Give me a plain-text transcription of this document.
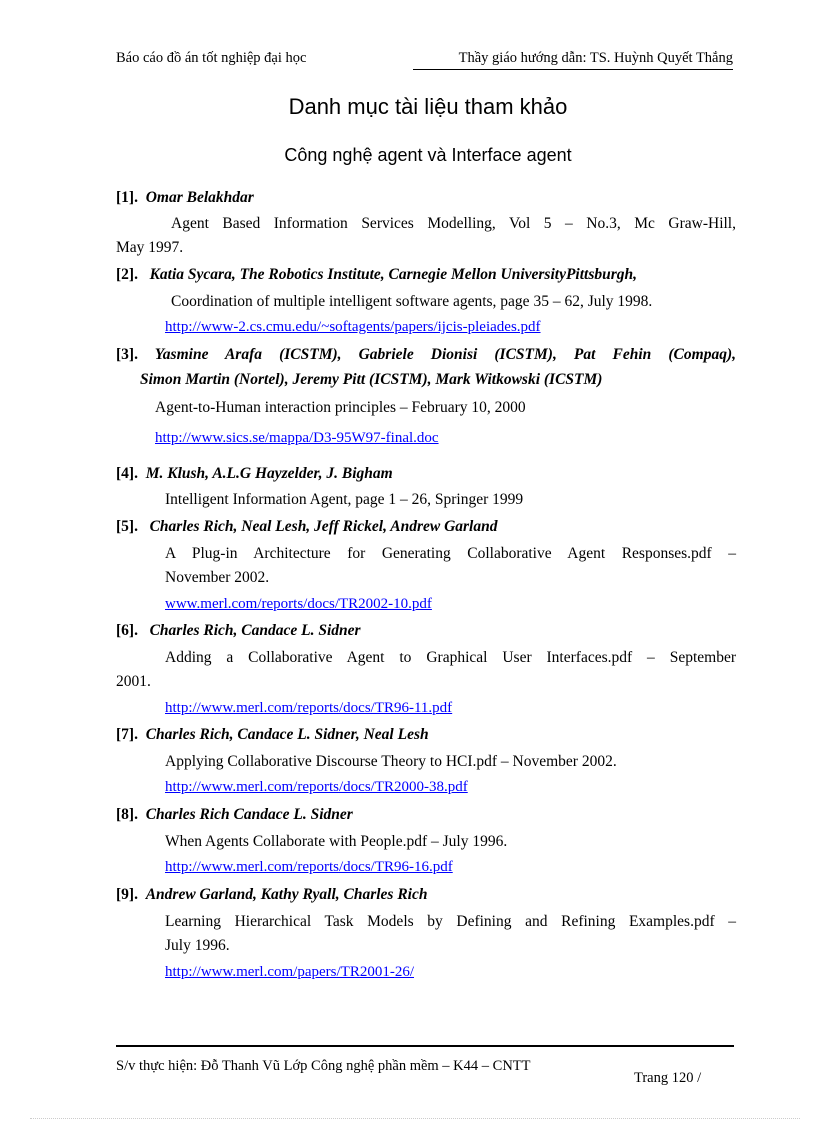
Báo cáo đồ án tốt nghiệp đại học	Thầy giáo hướng dẫn: TS. Huỳnh Quyết Thắng
Danh mục tài liệu tham khảo
Công nghệ agent và Interface agent
[1]. Omar Belakhdar
Agent Based Information Services Modelling, Vol 5 – No.3, Mc Graw-Hill,
May 1997.
[2]. Katia Sycara, The Robotics Institute, Carnegie Mellon UniversityPittsburgh,
Coordination of multiple intelligent software agents, page 35 – 62, July 1998.
http://www-2.cs.cmu.edu/~softagents/papers/ijcis-pleiades.pdf
[3]. Yasmine Arafa (ICSTM), Gabriele Dionisi (ICSTM), Pat Fehin (Compaq),
Simon Martin (Nortel), Jeremy Pitt (ICSTM), Mark Witkowski (ICSTM)
Agent-to-Human interaction principles – February 10, 2000
http://www.sics.se/mappa/D3-95W97-final.doc
[4]. M. Klush, A.L.G Hayzelder, J. Bigham
Intelligent Information Agent, page 1 – 26, Springer 1999
[5]. Charles Rich, Neal Lesh, Jeff Rickel, Andrew Garland
A Plug-in Architecture for Generating Collaborative Agent Responses.pdf –
November 2002.
www.merl.com/reports/docs/TR2002-10.pdf
[6]. Charles Rich, Candace L. Sidner
Adding a Collaborative Agent to Graphical User Interfaces.pdf – September
2001.
http://www.merl.com/reports/docs/TR96-11.pdf
[7]. Charles Rich, Candace L. Sidner, Neal Lesh
Applying Collaborative Discourse Theory to HCI.pdf – November 2002.
http://www.merl.com/reports/docs/TR2000-38.pdf
[8]. Charles Rich Candace L. Sidner
When Agents Collaborate with People.pdf – July 1996.
http://www.merl.com/reports/docs/TR96-16.pdf
[9]. Andrew Garland, Kathy Ryall, Charles Rich
Learning Hierarchical Task Models by Defining and Refining Examples.pdf –
July 1996.
http://www.merl.com/papers/TR2001-26/
S/v thực hiện: Đỗ Thanh Vũ Lớp Công nghệ phần mềm – K44 – CNTT
Trang 120 /
